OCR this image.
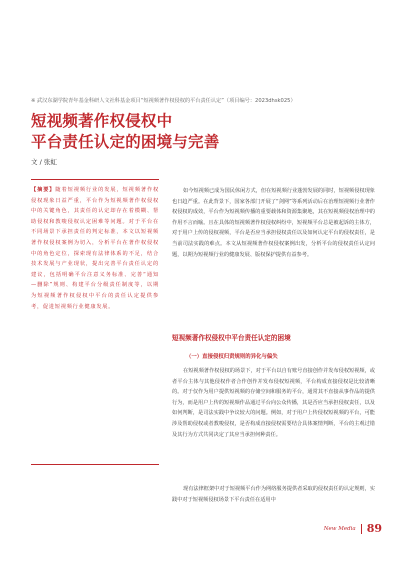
※ 武汉东湖学院青年基金科研人文社科基金项目“短视频著作权侵权的平台责任认定”（项目编号：2023dhsk025）
短视频著作权侵权中
平台责任认定的困境与完善
文 / 张虹

【摘要】随着短视频行业的发展，短视频著作权侵权现象日益严重，平台作为短视频著作权侵权中的关键角色，其责任的认定却存在着模糊、帮助侵权和教唆侵权认定困难等问题。对于平台在不同场景下承担责任的判定标准，本文以短视频著作权侵权案例为切入，分析平台在著作权侵权中的角色定位，探索现有法律体系的不足，结合技术发展与产业现状，提出完善平台责任认定的建议，包括明确平台注意义务标准、完善“通知—删除”规则、构建平台分级责任制度等，以期为短视频著作权侵权中平台的责任认定提供参考，促进短视频行业健康发展。

如今短视频已成为国民休闲方式，但在短视频行业蓬勃发展的同时，短视频侵权现象也日趋严重。在此背景下，国家各部门开展了“剑网”等系列活动后在治理短视频行业著作权侵权的成效，平台作为短视频传播的重要载体和资源集聚地，其在短视频侵权治理中的作用不言而喻。且在具体的短视频著作权侵权纠纷中，短视频平台总是被起诉的主体方，对于用户上传的侵权视频，平台是否应当承担侵权责任以及如何认定平台的侵权责任，是当前司法实践的难点。本文从短视频著作权侵权案例出发，分析平台的侵权责任认定问题，以期为短视频行业的健康发展、版权保护提供有益参考。

短视频著作权侵权中平台责任认定的困境
（一）直接侵权归责规则的异化与偏失

在短视频著作权侵权的场景下，对于平台以自有账号直接创作并发布侵权短视频，或者平台主体与其他侵权作者合作创作并发布侵权短视频，平台构成直接侵权是比较清晰的。对于仅作为用户提供短视频的存储空间和服务的平台，通常其不直接从事作品的提供行为，而是用户上传的短视频作品通过平台向公众传播，其是否应当承担侵权责任，以及如何判断，是司法实践中争议较大的问题。例如，对于用户上传侵权短视频的平台，可能涉及帮助侵权或者教唆侵权，是否构成直接侵权需要结合具体案情判断，平台的主观过错及其行为方式共同决定了其应当承担何种责任。

现有法律框架中对于短视频平台作为网络服务提供者采取的侵权责任的认定规则，实践中对于短视频侵权场景下平台责任在适用中

New Media 89
